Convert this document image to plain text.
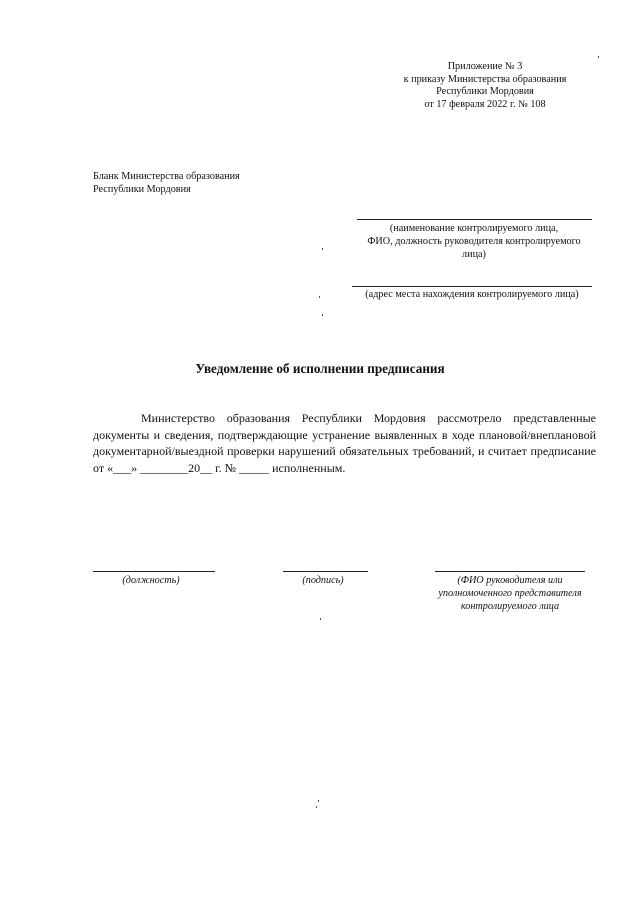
Приложение № 3
к приказу Министерства образования
Республики Мордовия
от 17 февраля 2022 г. № 108
Бланк Министерства образования
Республики Мордовия
(наименование контролируемого лица,
ФИО, должность руководителя контролируемого
лица)
(адрес места нахождения контролируемого лица)
Уведомление об исполнении предписания
Министерство образования Республики Мордовия рассмотрело представленные документы и сведения, подтверждающие устранение выявленных в ходе плановой/внеплановой документарной/выездной проверки нарушений обязательных требований, и считает предписание от «___» ________20__ г. № _____ исполненным.
(должность)	(подпись)	(ФИО руководителя или
уполномоченного представителя
контролируемого лица
